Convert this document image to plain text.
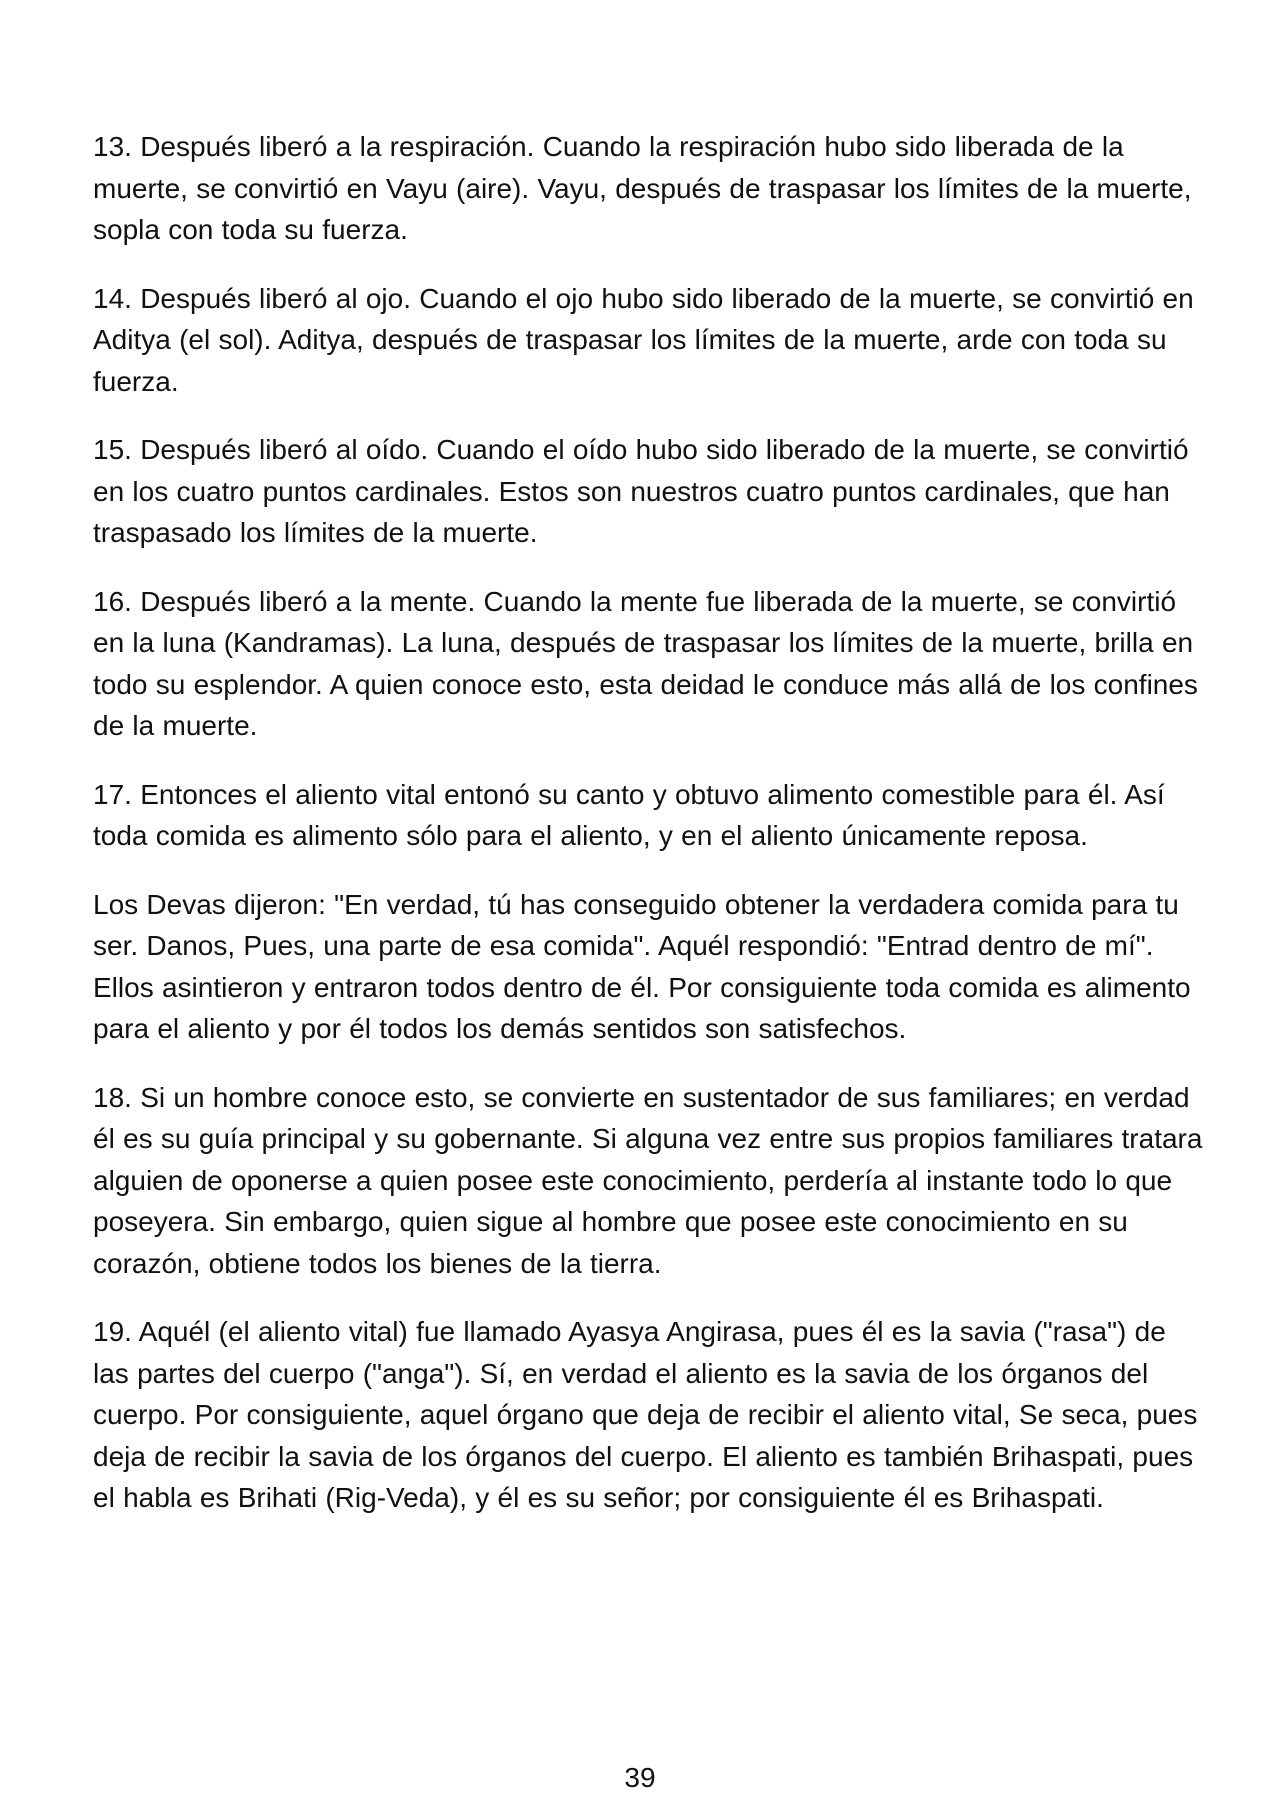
13. Después liberó a la respiración. Cuando la respiración hubo sido liberada de la muerte, se convirtió en Vayu (aire). Vayu, después de traspasar los límites de la muerte, sopla con toda su fuerza.

14. Después liberó al ojo. Cuando el ojo hubo sido liberado de la muerte, se convirtió en Aditya (el sol). Aditya, después de traspasar los límites de la muerte, arde con toda su fuerza.

15. Después liberó al oído. Cuando el oído hubo sido liberado de la muerte, se convirtió en los cuatro puntos cardinales. Estos son nuestros cuatro puntos cardinales, que han traspasado los límites de la muerte.

16. Después liberó a la mente. Cuando la mente fue liberada de la muerte, se convirtió en la luna (Kandramas). La luna, después de traspasar los límites de la muerte, brilla en todo su esplendor. A quien conoce esto, esta deidad le conduce más allá de los confines de la muerte.

17. Entonces el aliento vital entonó su canto y obtuvo alimento comestible para él. Así toda comida es alimento sólo para el aliento, y en el aliento únicamente reposa.

Los Devas dijeron: "En verdad, tú has conseguido obtener la verdadera comida para tu ser. Danos, Pues, una parte de esa comida". Aquél respondió: "Entrad dentro de mí". Ellos asintieron y entraron todos dentro de él. Por consiguiente toda comida es alimento para el aliento y por él todos los demás sentidos son satisfechos.

18. Si un hombre conoce esto, se convierte en sustentador de sus familiares; en verdad él es su guía principal y su gobernante. Si alguna vez entre sus propios familiares tratara alguien de oponerse a quien posee este conocimiento, perdería al instante todo lo que poseyera. Sin embargo, quien sigue al hombre que posee este conocimiento en su corazón, obtiene todos los bienes de la tierra.

19. Aquél (el aliento vital) fue llamado Ayasya Angirasa, pues él es la savia ("rasa") de las partes del cuerpo ("anga"). Sí, en verdad el aliento es la savia de los órganos del cuerpo. Por consiguiente, aquel órgano que deja de recibir el aliento vital, Se seca, pues deja de recibir la savia de los órganos del cuerpo. El aliento es también Brihaspati, pues el habla es Brihati (Rig-Veda), y él es su señor; por consiguiente él es Brihaspati.

39
